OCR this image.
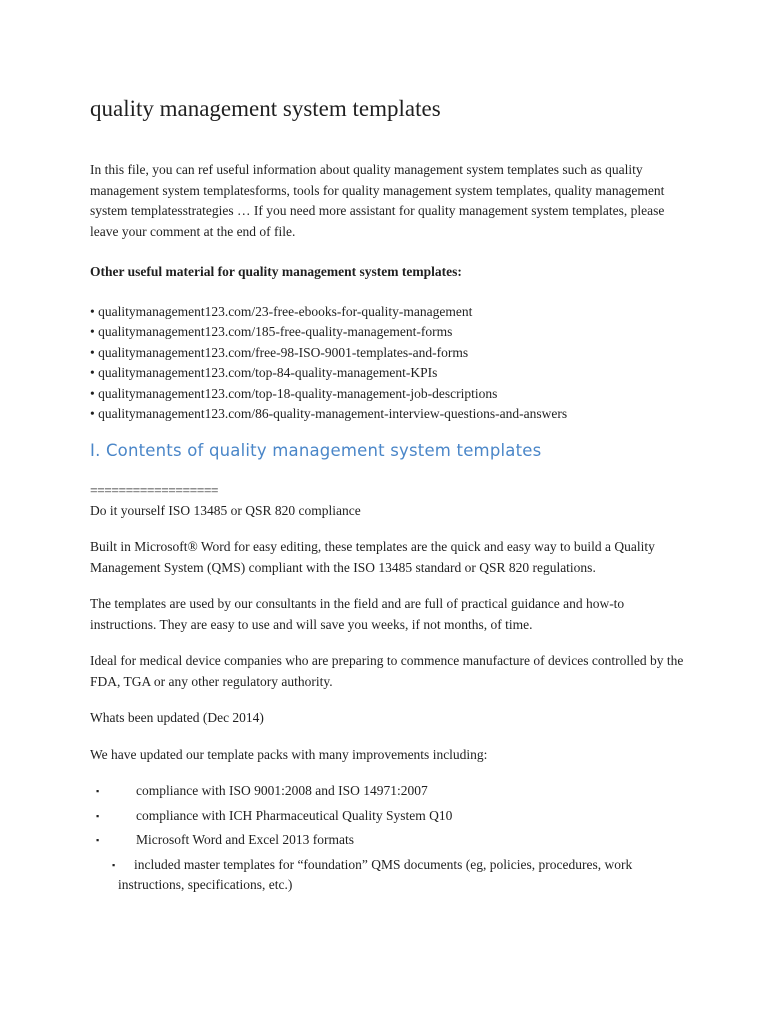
quality management system templates

In this file, you can ref useful information about quality management system templates such as quality management system templatesforms, tools for quality management system templates, quality management system templatesstrategies … If you need more assistant for quality management system templates, please leave your comment at the end of file.

Other useful material for quality management system templates:

• qualitymanagement123.com/23-free-ebooks-for-quality-management
• qualitymanagement123.com/185-free-quality-management-forms
• qualitymanagement123.com/free-98-ISO-9001-templates-and-forms
• qualitymanagement123.com/top-84-quality-management-KPIs
• qualitymanagement123.com/top-18-quality-management-job-descriptions
• qualitymanagement123.com/86-quality-management-interview-questions-and-answers
I. Contents of quality management system templates

==================

Do it yourself ISO 13485 or QSR 820 compliance

Built in Microsoft® Word for easy editing, these templates are the quick and easy way to build a Quality Management System (QMS) compliant with the ISO 13485 standard or QSR 820 regulations.

The templates are used by our consultants in the field and are full of practical guidance and how-to instructions. They are easy to use and will save you weeks, if not months, of time.

Ideal for medical device companies who are preparing to commence manufacture of devices controlled by the FDA, TGA or any other regulatory authority.

Whats been updated (Dec 2014)

We have updated our template packs with many improvements including:

▪	compliance with ISO 9001:2008 and ISO 14971:2007
▪	compliance with ICH Pharmaceutical Quality System Q10
▪	Microsoft Word and Excel 2013 formats
▪ included master templates for “foundation” QMS documents (eg, policies, procedures, work instructions, specifications, etc.)
